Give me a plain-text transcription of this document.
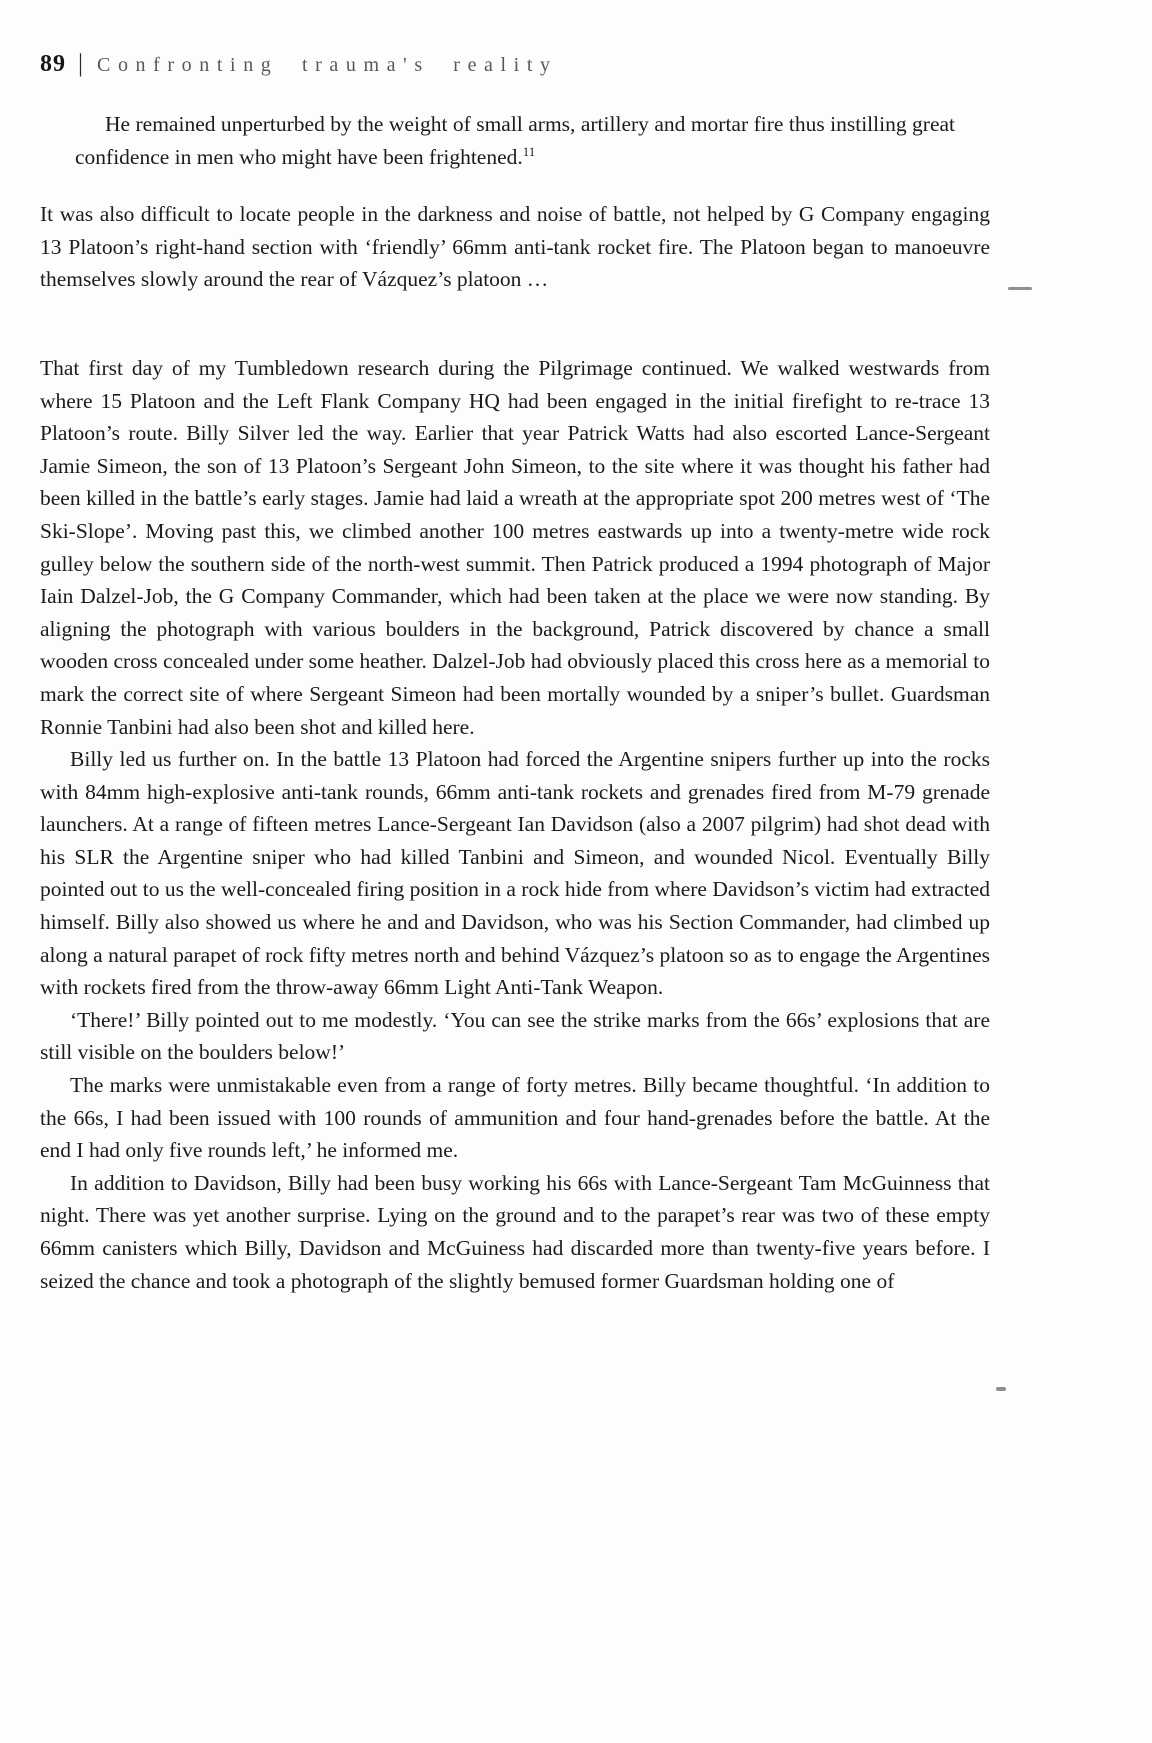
89 | Confronting trauma's reality
He remained unperturbed by the weight of small arms, artillery and mortar fire thus instilling great confidence in men who might have been frightened.$^{11}$

It was also difficult to locate people in the darkness and noise of battle, not helped by G Company engaging 13 Platoon’s right-hand section with ‘friendly’ 66mm anti-tank rocket fire. The Platoon began to manoeuvre themselves slowly around the rear of Vázquez’s platoon …

That first day of my Tumbledown research during the Pilgrimage continued. We walked westwards from where 15 Platoon and the Left Flank Company HQ had been engaged in the initial firefight to re-trace 13 Platoon’s route. Billy Silver led the way. Earlier that year Patrick Watts had also escorted Lance-Sergeant Jamie Simeon, the son of 13 Platoon’s Sergeant John Simeon, to the site where it was thought his father had been killed in the battle’s early stages. Jamie had laid a wreath at the appropriate spot 200 metres west of ‘The Ski-Slope’. Moving past this, we climbed another 100 metres eastwards up into a twenty-metre wide rock gulley below the southern side of the north-west summit. Then Patrick produced a 1994 photograph of Major Iain Dalzel-Job, the G Company Commander, which had been taken at the place we were now standing. By aligning the photograph with various boulders in the background, Patrick discovered by chance a small wooden cross concealed under some heather. Dalzel-Job had obviously placed this cross here as a memorial to mark the correct site of where Sergeant Simeon had been mortally wounded by a sniper’s bullet. Guardsman Ronnie Tanbini had also been shot and killed here.

Billy led us further on. In the battle 13 Platoon had forced the Argentine snipers further up into the rocks with 84mm high-explosive anti-tank rounds, 66mm anti-tank rockets and grenades fired from M-79 grenade launchers. At a range of fifteen metres Lance-Sergeant Ian Davidson (also a 2007 pilgrim) had shot dead with his SLR the Argentine sniper who had killed Tanbini and Simeon, and wounded Nicol. Eventually Billy pointed out to us the well-concealed firing position in a rock hide from where Davidson’s victim had extracted himself. Billy also showed us where he and and Davidson, who was his Section Commander, had climbed up along a natural parapet of rock fifty metres north and behind Vázquez’s platoon so as to engage the Argentines with rockets fired from the throw-away 66mm Light Anti-Tank Weapon.

‘There!’ Billy pointed out to me modestly. ‘You can see the strike marks from the 66s’ explosions that are still visible on the boulders below!’

The marks were unmistakable even from a range of forty metres. Billy became thoughtful. ‘In addition to the 66s, I had been issued with 100 rounds of ammunition and four hand-grenades before the battle. At the end I had only five rounds left,’ he informed me.

In addition to Davidson, Billy had been busy working his 66s with Lance-Sergeant Tam McGuinness that night. There was yet another surprise. Lying on the ground and to the parapet’s rear was two of these empty 66mm canisters which Billy, Davidson and McGuiness had discarded more than twenty-five years before. I seized the chance and took a photograph of the slightly bemused former Guardsman holding one of
